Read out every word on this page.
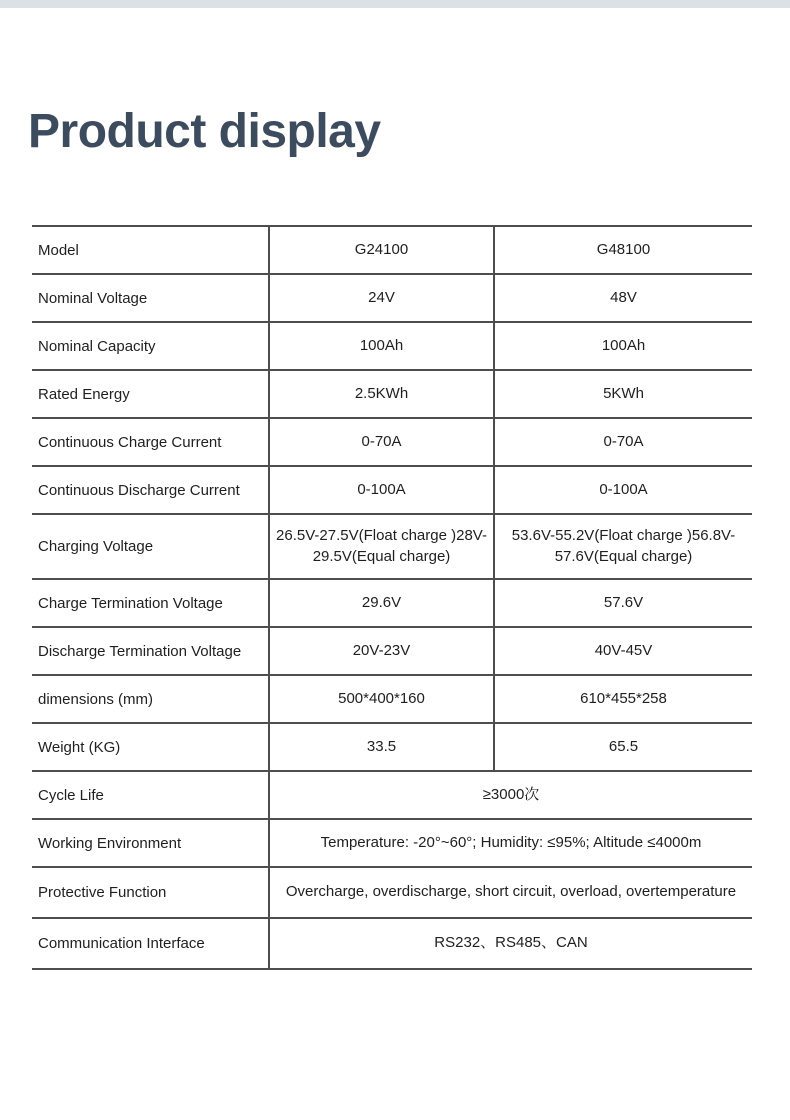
Product display
Model	G24100	G48100
Nominal Voltage	24V	48V
Nominal Capacity	100Ah	100Ah
Rated Energy	2.5KWh	5KWh
Continuous Charge Current	0-70A	0-70A
Continuous Discharge Current	0-100A	0-100A
Charging Voltage	26.5V-27.5V(Float charge )28V-29.5V(Equal charge)	53.6V-55.2V(Float charge )56.8V-57.6V(Equal charge)
Charge Termination Voltage	29.6V	57.6V
Discharge Termination Voltage	20V-23V	40V-45V
dimensions (mm)	500*400*160	610*455*258
Weight (KG)	33.5	65.5
Cycle Life	≥3000次	
Working Environment	Temperature: -20°~60°; Humidity: ≤95%; Altitude ≤4000m	
Protective Function	Overcharge, overdischarge, short circuit, overload, overtemperature	
Communication Interface	RS232、RS485、CAN	
